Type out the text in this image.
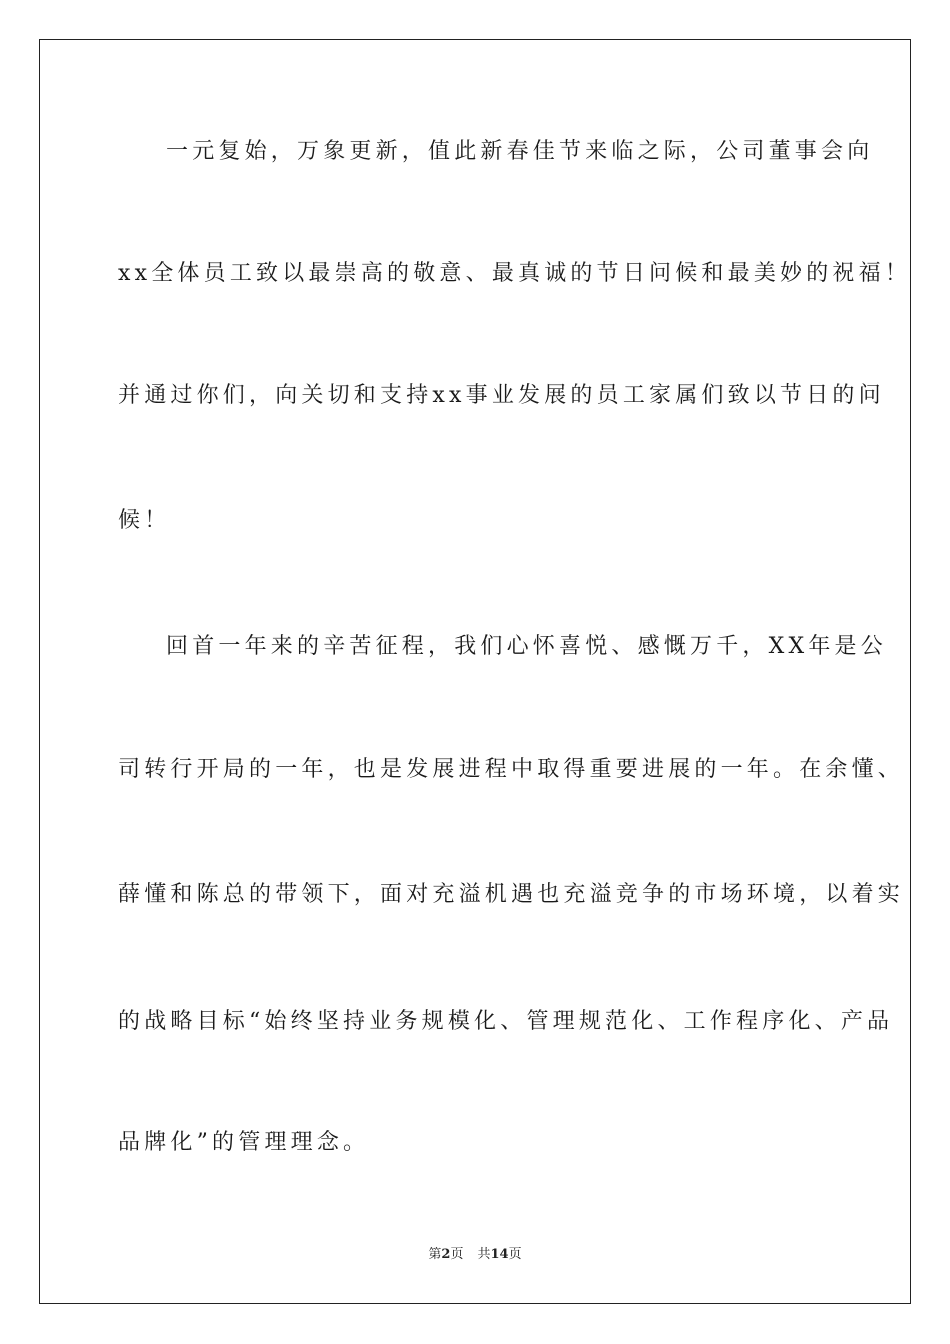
一元复始，万象更新，值此新春佳节来临之际，公司董事会向
xx全体员工致以最崇高的敬意、最真诚的节日问候和最美妙的祝福！
并通过你们，向关切和支持xx事业发展的员工家属们致以节日的问
候！
回首一年来的辛苦征程，我们心怀喜悦、感慨万千，XX年是公
司转行开局的一年，也是发展进程中取得重要进展的一年。在余懂、
薛懂和陈总的带领下，面对充溢机遇也充溢竞争的市场环境，以着实
的战略目标“始终坚持业务规模化、管理规范化、工作程序化、产品
品牌化”的管理理念。
第2页 共14页
